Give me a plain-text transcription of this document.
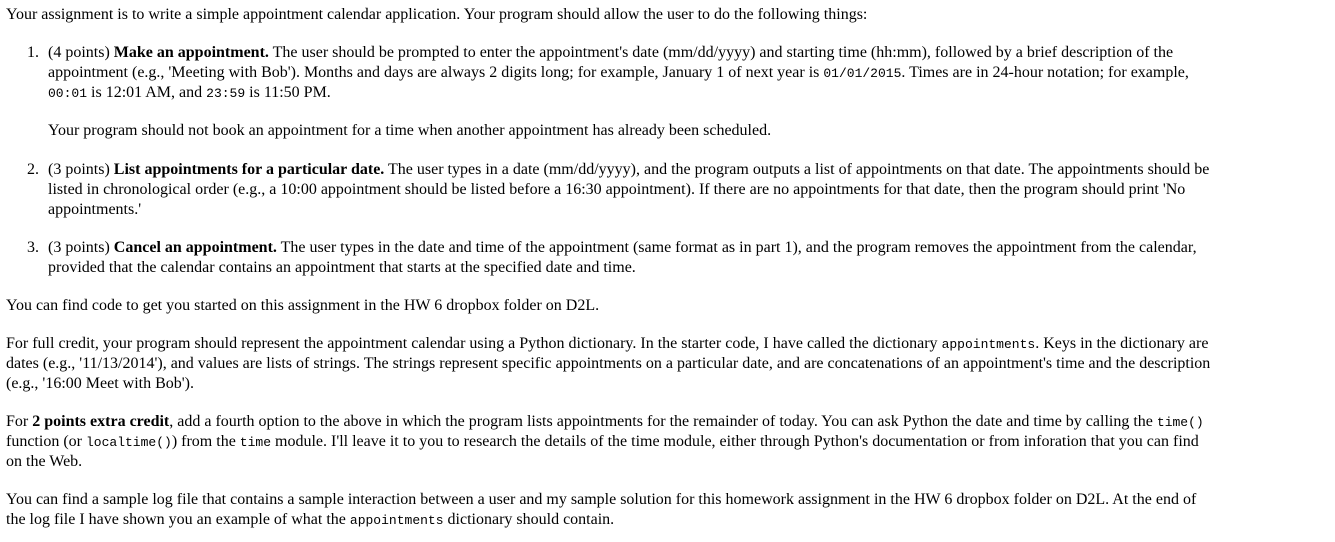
Your assignment is to write a simple appointment calendar application. Your program should allow the user to do the following things:
1. (4 points) Make an appointment. The user should be prompted to enter the appointment's date (mm/dd/yyyy) and starting time (hh:mm), followed by a brief description of the
appointment (e.g., 'Meeting with Bob'). Months and days are always 2 digits long; for example, January 1 of next year is 01/01/2015. Times are in 24-hour notation; for example,
00:01 is 12:01 AM, and 23:59 is 11:50 PM.
Your program should not book an appointment for a time when another appointment has already been scheduled.
2. (3 points) List appointments for a particular date. The user types in a date (mm/dd/yyyy), and the program outputs a list of appointments on that date. The appointments should be
listed in chronological order (e.g., a 10:00 appointment should be listed before a 16:30 appointment). If there are no appointments for that date, then the program should print 'No
appointments.'
3. (3 points) Cancel an appointment. The user types in the date and time of the appointment (same format as in part 1), and the program removes the appointment from the calendar,
provided that the calendar contains an appointment that starts at the specified date and time.
You can find code to get you started on this assignment in the HW 6 dropbox folder on D2L.
For full credit, your program should represent the appointment calendar using a Python dictionary. In the starter code, I have called the dictionary appointments. Keys in the dictionary are
dates (e.g., '11/13/2014'), and values are lists of strings. The strings represent specific appointments on a particular date, and are concatenations of an appointment's time and the description
(e.g., '16:00 Meet with Bob').
For 2 points extra credit, add a fourth option to the above in which the program lists appointments for the remainder of today. You can ask Python the date and time by calling the time()
function (or localtime()) from the time module. I'll leave it to you to research the details of the time module, either through Python's documentation or from inforation that you can find
on the Web.
You can find a sample log file that contains a sample interaction between a user and my sample solution for this homework assignment in the HW 6 dropbox folder on D2L. At the end of
the log file I have shown you an example of what the appointments dictionary should contain.
